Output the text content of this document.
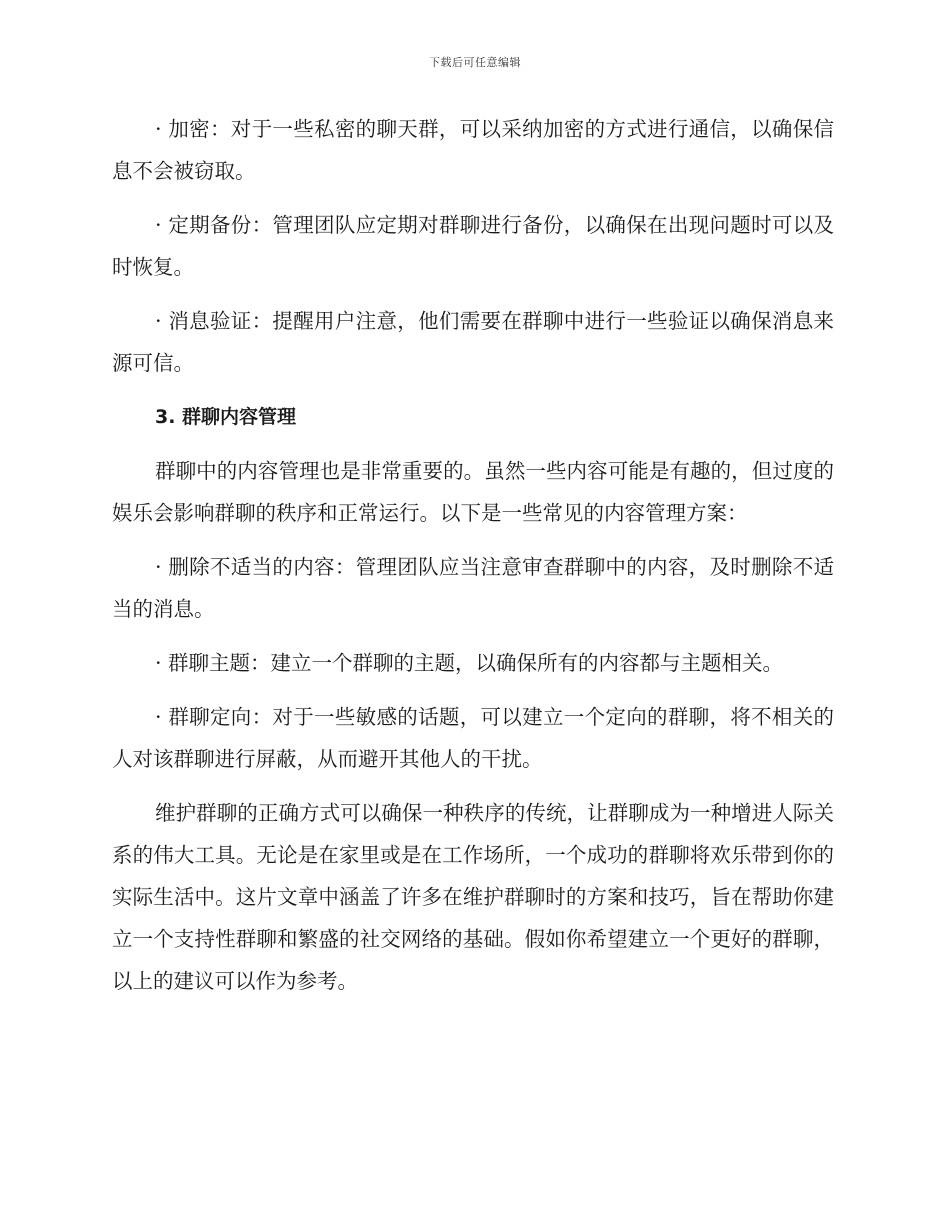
下载后可任意编辑

· 加密：对于一些私密的聊天群，可以采纳加密的方式进行通信，以确保信息不会被窃取。

· 定期备份：管理团队应定期对群聊进行备份，以确保在出现问题时可以及时恢复。

· 消息验证：提醒用户注意，他们需要在群聊中进行一些验证以确保消息来源可信。

3. 群聊内容管理

群聊中的内容管理也是非常重要的。虽然一些内容可能是有趣的，但过度的娱乐会影响群聊的秩序和正常运行。以下是一些常见的内容管理方案：

· 删除不适当的内容：管理团队应当注意审查群聊中的内容，及时删除不适当的消息。

· 群聊主题：建立一个群聊的主题，以确保所有的内容都与主题相关。

· 群聊定向：对于一些敏感的话题，可以建立一个定向的群聊，将不相关的人对该群聊进行屏蔽，从而避开其他人的干扰。

维护群聊的正确方式可以确保一种秩序的传统，让群聊成为一种增进人际关系的伟大工具。无论是在家里或是在工作场所，一个成功的群聊将欢乐带到你的实际生活中。这片文章中涵盖了许多在维护群聊时的方案和技巧，旨在帮助你建立一个支持性群聊和繁盛的社交网络的基础。假如你希望建立一个更好的群聊，以上的建议可以作为参考。
